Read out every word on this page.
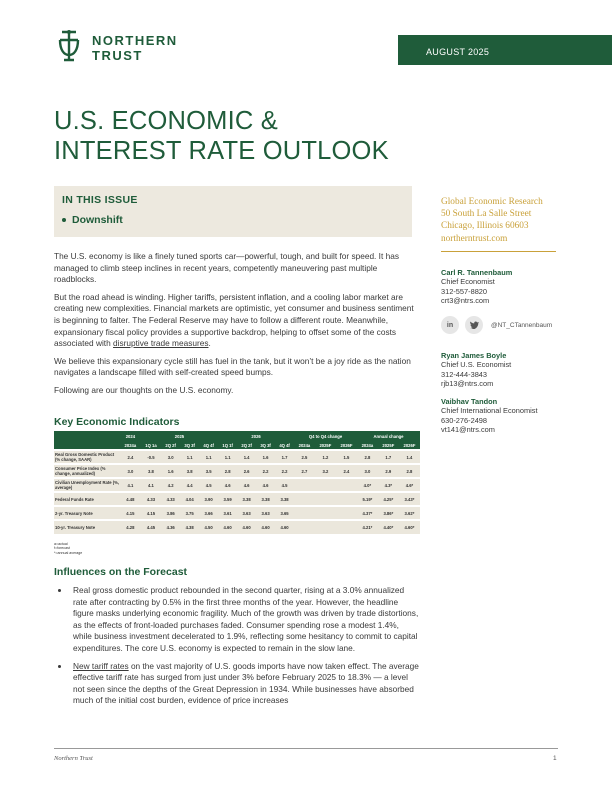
NORTHERN
TRUST	AUGUST 2025
U.S. ECONOMIC &
INTEREST RATE OUTLOOK
IN THIS ISSUE
Downshift

The U.S. economy is like a finely tuned sports car—powerful, tough, and built for speed. It has managed to climb steep inclines in recent years, competently maneuvering past multiple roadblocks.

But the road ahead is winding. Higher tariffs, persistent inflation, and a cooling labor market are creating new complexities. Financial markets are optimistic, yet consumer and business sentiment is beginning to falter. The Federal Reserve may have to follow a different route. Meanwhile, expansionary fiscal policy provides a supportive backdrop, helping to offset some of the costs associated with disruptive trade measures.

We believe this expansionary cycle still has fuel in the tank, but it won’t be a joy ride as the nation navigates a landscape filled with self-created speed bumps.

Following are our thoughts on the U.S. economy.

Key Economic Indicators
	2024	2025				2026				Q4 to Q4 change			Annual change		
	2024a	1Q 1a	2Q 2f	3Q 3f	4Q 4f	1Q 1f	2Q 2f	3Q 3f	4Q 4f	2024a	2025F	2026F	2024a	2025F	2026F
Real Gross Domestic Product (% change, SAAR)	2.4	-0.5	3.0	1.1	1.1	1.1	1.4	1.6	1.7	2.5	1.2	1.5	2.8	1.7	1.4
Consumer Price Index (% change, annualized)	3.0	3.8	1.6	3.8	3.5	2.8	2.6	2.2	2.2	2.7	3.2	2.4	3.0	2.9	2.8
Civilian Unemployment Rate (%, average)	4.1	4.1	4.2	4.4	4.5	4.6	4.6	4.6	4.5				4.0*	4.3*	4.6*
Federal Funds Rate	4.48	4.33	4.33	4.04	3.90	3.59	3.38	3.38	3.38				5.19*	4.25*	3.43*
2-yr. Treasury Note	4.15	4.15	3.86	3.75	3.66	3.61	3.63	3.63	3.65				4.37*	3.86*	3.62*
10-yr. Treasury Note	4.28	4.45	4.36	4.38	4.50	4.60	4.60	4.60	4.60				4.21*	4.40*	4.60*
a=actual
f=forecast
*=annual average
Influences on the Forecast
Real gross domestic product rebounded in the second quarter, rising at a 3.0% annualized rate after contracting by 0.5% in the first three months of the year. However, the headline figure masks underlying economic fragility. Much of the growth was driven by trade distortions, as the effects of front-loaded purchases faded. Consumer spending rose a modest 1.4%, while business investment decelerated to 1.9%, reflecting some hesitancy to commit to capital expenditures. The core U.S. economy is expected to remain in the slow lane.
New tariff rates on the vast majority of U.S. goods imports have now taken effect. The average effective tariff rate has surged from just under 3% before February 2025 to 18.3% — a level not seen since the depths of the Great Depression in 1934. While businesses have absorbed much of the initial cost burden, evidence of price increases
Global Economic Research
50 South La Salle Street
Chicago, Illinois 60603
northerntrust.com
Carl R. Tannenbaum
Chief Economist
312-557-8820
crt3@ntrs.com
in	@NT_CTannenbaum
Ryan James Boyle
Chief U.S. Economist
312-444-3843
rjb13@ntrs.com
Vaibhav Tandon
Chief International Economist
630-276-2498
vt141@ntrs.com
Northern Trust	1
